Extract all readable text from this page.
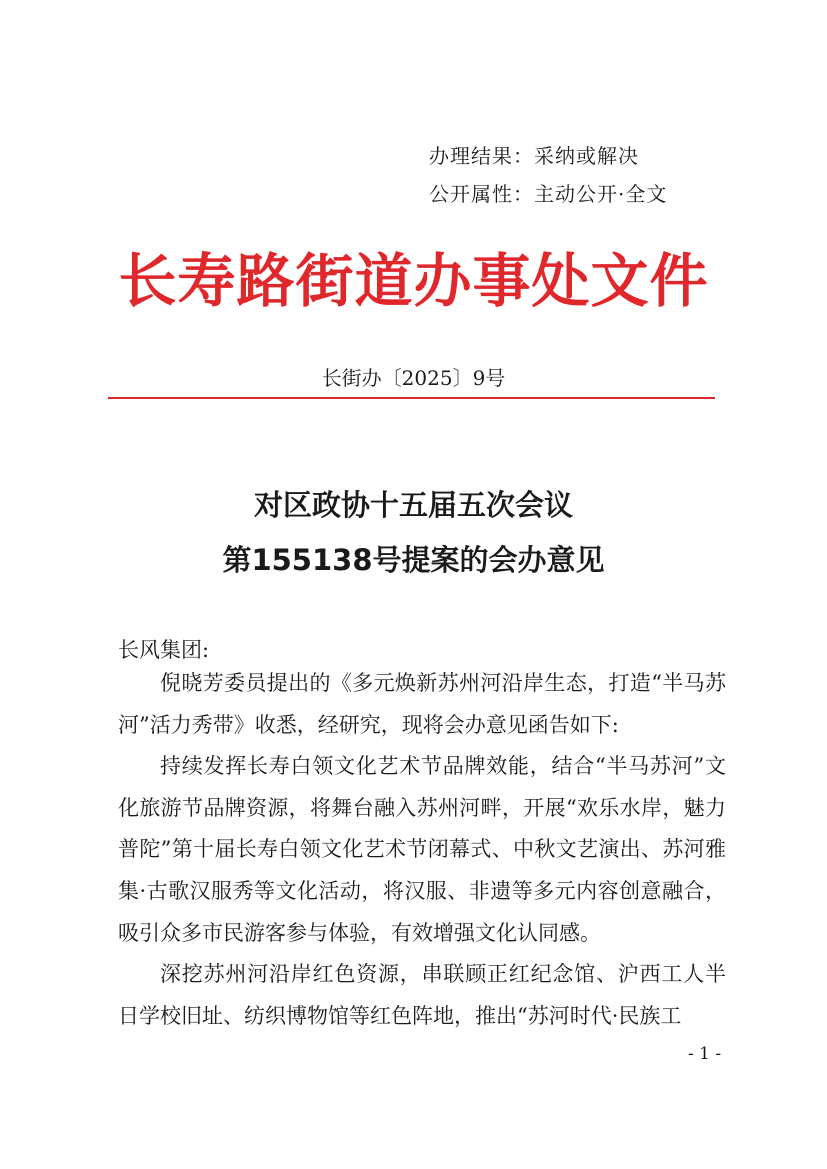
办理结果：采纳或解决
公开属性：主动公开·全文
长寿路街道办事处文件
长街办〔2025〕9号
对区政协十五届五次会议
第155138号提案的会办意见
长风集团:

倪晓芳委员提出的《多元焕新苏州河沿岸生态，打造“半马苏河”活力秀带》收悉，经研究，现将会办意见函告如下:

持续发挥长寿白领文化艺术节品牌效能，结合“半马苏河”文化旅游节品牌资源，将舞台融入苏州河畔，开展“欢乐水岸，魅力普陀”第十届长寿白领文化艺术节闭幕式、中秋文艺演出、苏河雅集·古歌汉服秀等文化活动，将汉服、非遗等多元内容创意融合，吸引众多市民游客参与体验，有效增强文化认同感。

深挖苏州河沿岸红色资源，串联顾正红纪念馆、沪西工人半日学校旧址、纺织博物馆等红色阵地，推出“苏河时代·民族工

- 1 -
